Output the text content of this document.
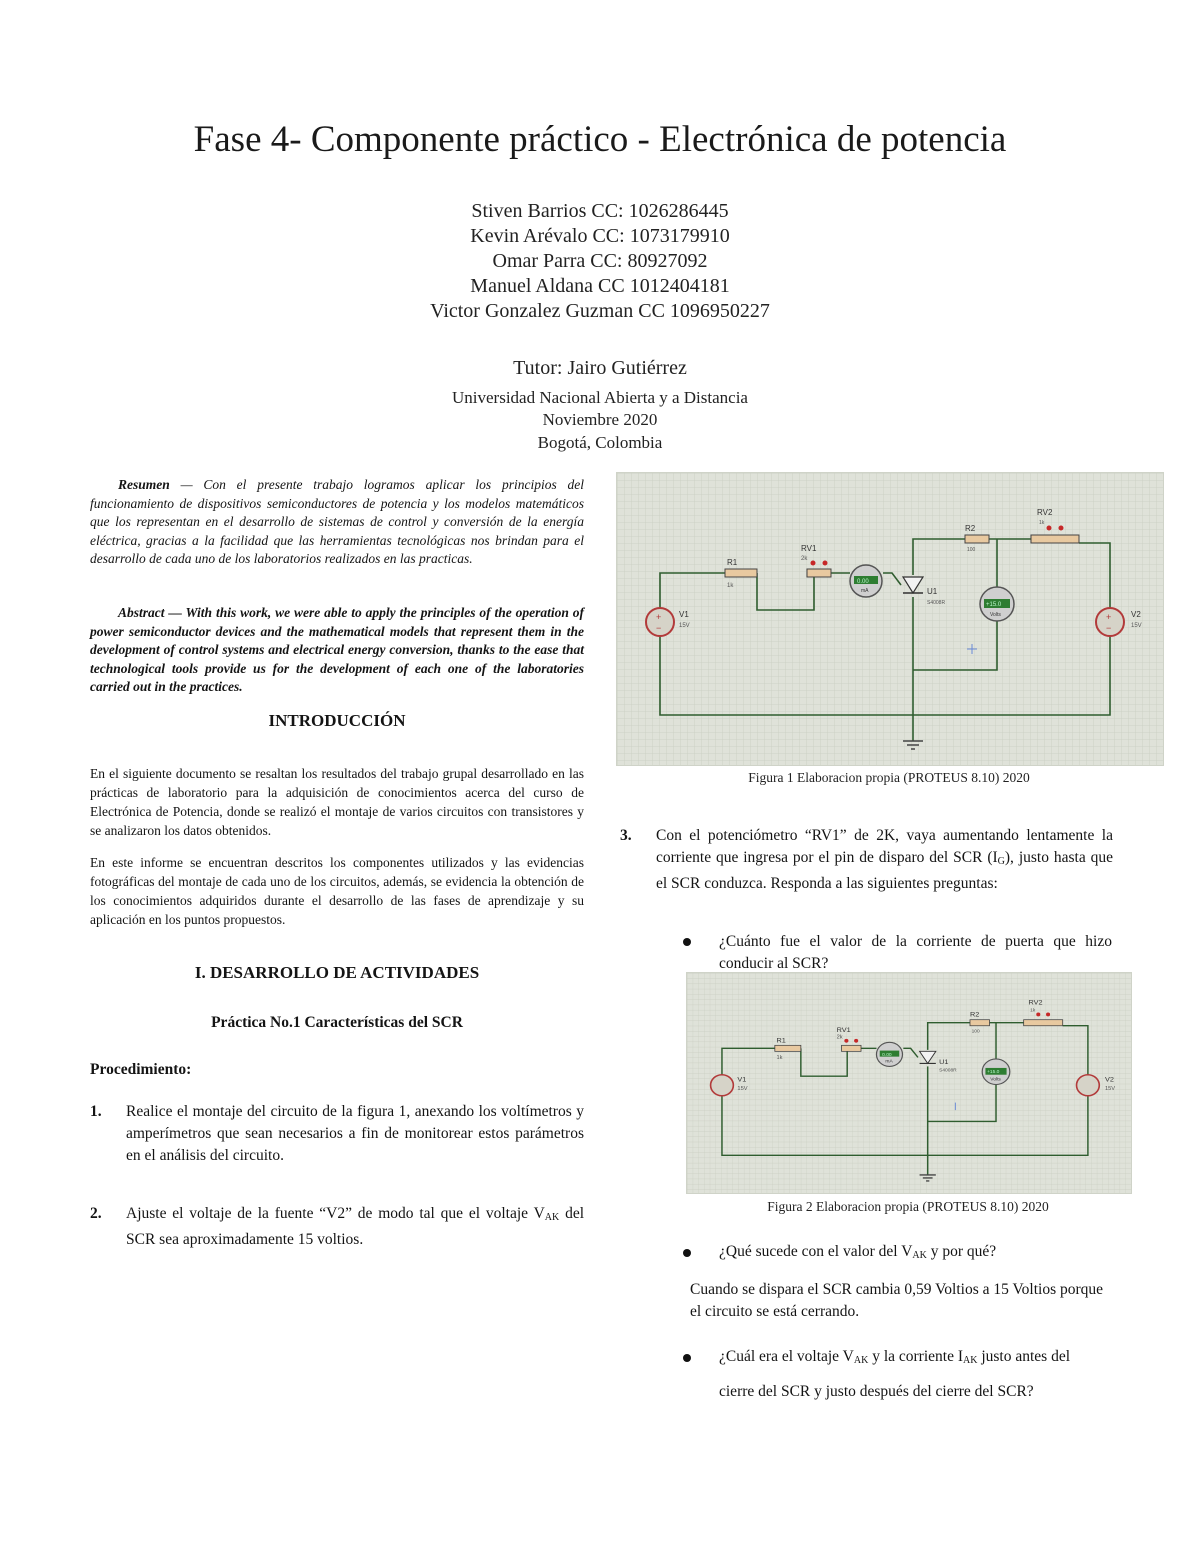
Fase 4- Componente práctico - Electrónica de potencia
Stiven Barrios CC: 1026286445
Kevin Arévalo CC: 1073179910
Omar Parra CC: 80927092
Manuel Aldana CC 1012404181
Victor Gonzalez Guzman CC 1096950227
Tutor: Jairo Gutiérrez
Universidad Nacional Abierta y a Distancia
Noviembre 2020
Bogotá, Colombia
Resumen — Con el presente trabajo logramos aplicar los principios del funcionamiento de dispositivos semiconductores de potencia y los modelos matemáticos que los representan en el desarrollo de sistemas de control y conversión de la energía eléctrica, gracias a la facilidad que las herramientas tecnológicas nos brindan para el desarrollo de cada uno de los laboratorios realizados en las practicas.
Abstract — With this work, we were able to apply the principles of the operation of power semiconductor devices and the mathematical models that represent them in the development of control systems and electrical energy conversion, thanks to the ease that technological tools provide us for the development of each one of the laboratories carried out in the practices.
INTRODUCCIÓN
En el siguiente documento se resaltan los resultados del trabajo grupal desarrollado en las prácticas de laboratorio para la adquisición de conocimientos acerca del curso de Electrónica de Potencia, donde se realizó el montaje de varios circuitos con transistores y se analizaron los datos obtenidos.
En este informe se encuentran descritos los componentes utilizados y las evidencias fotográficas del montaje de cada uno de los circuitos, además, se evidencia la obtención de los conocimientos adquiridos durante el desarrollo de las fases de aprendizaje y su aplicación en los puntos propuestos.
I. DESARROLLO DE ACTIVIDADES
Práctica No.1 Características del SCR
Procedimiento:
1. Realice el montaje del circuito de la figura 1, anexando los voltímetros y amperímetros que sean necesarios a fin de monitorear estos parámetros en el análisis del circuito.
2. Ajuste el voltaje de la fuente “V2” de modo tal que el voltaje $V_{AK}$ del SCR sea aproximadamente 15 voltios.
+
−
V1
15V
+
−
V2
15V
R1
1k
RV1
2k
0.00
mA	U1
S4008R
R2
100
RV2
1k
+15.0
Volts
Figura 1 Elaboracion propia (PROTEUS 8.10) 2020
3. Con el potenciómetro “RV1” de 2K, vaya aumentando lentamente la corriente que ingresa por el pin de disparo del SCR $(I_G)$, justo hasta que el SCR conduzca. Responda a las siguientes preguntas:
¿Cuánto fue el valor de la corriente de puerta que hizo conducir al SCR?
V1
15V
V2
15V
R1
1k
RV1
2k
0.00
mA	U1
S4008R
R2
100
RV2
1k
+15.0
Volts
Figura 2 Elaboracion propia (PROTEUS 8.10) 2020
¿Qué sucede con el valor del $V_{AK}$ y por qué?
Cuando se dispara el SCR cambia 0,59 Voltios a 15 Voltios porque el circuito se está cerrando.
¿Cuál era el voltaje $V_{AK}$ y la corriente $I_{AK}$ justo antes del
cierre del SCR y justo después del cierre del SCR?
